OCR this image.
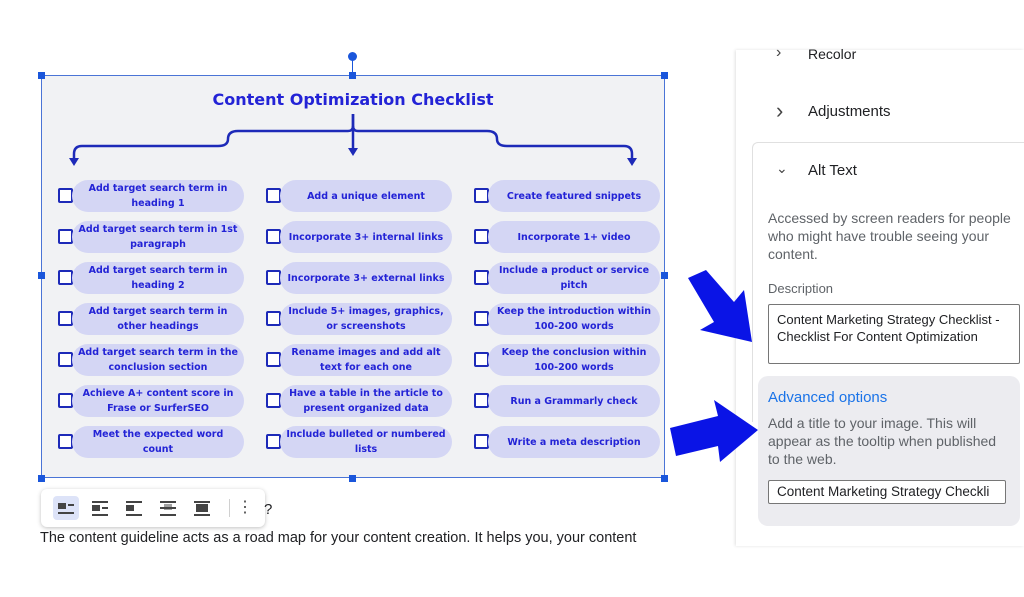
Content Optimization Checklist
Add target search term in heading 1
Add target search term in 1st paragraph
Add target search term in heading 2
Add target search term in other headings
Add target search term in the conclusion section
Achieve A+ content score in Frase or SurferSEO
Meet the expected word count
Add a unique element
Incorporate 3+ internal links
Incorporate 3+ external links
Include 5+ images, graphics, or screenshots
Rename images and add alt text for each one
Have a table in the article to present organized data
Include bulleted or numbered lists
Create featured snippets
Incorporate 1+ video
Include a product or service pitch
Keep the introduction within 100-200 words
Keep the conclusion within 100-200 words
Run a Grammarly check
Write a meta description
⋮ ?
The content guideline acts as a road map for your content creation. It helps you, your content
› Recolor
› Adjustments
⌄ Alt Text
Accessed by screen readers for people who might have trouble seeing your content.
Description
Content Marketing Strategy Checklist - Checklist For Content Optimization
Advanced options
Add a title to your image. This will appear as the tooltip when published to the web.
Content Marketing Strategy Checkli
